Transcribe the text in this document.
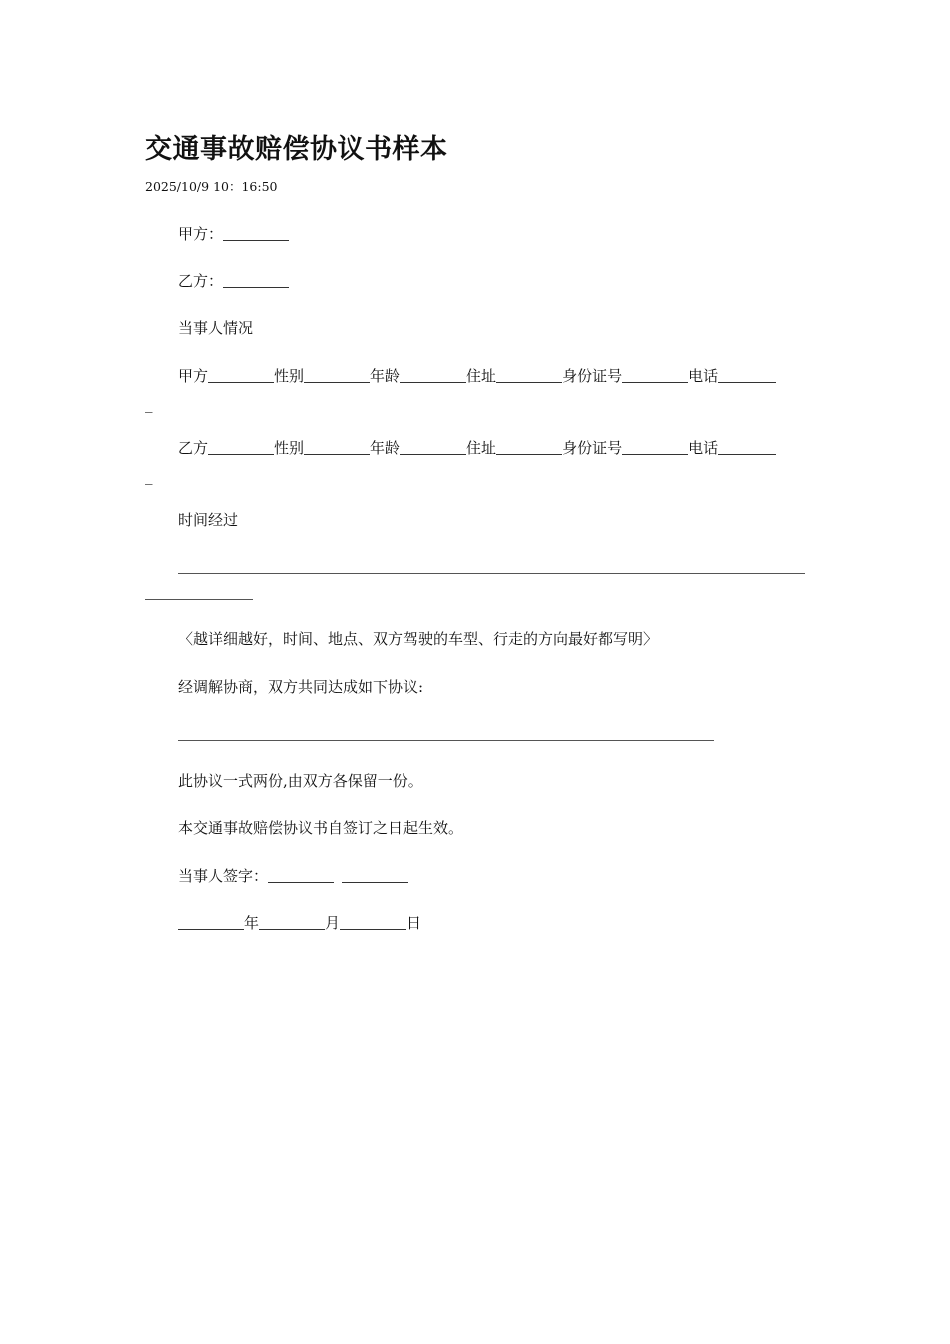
交通事故赔偿协议书样本
2025/10/9 10：16:50
甲方：
乙方：
当事人情况
甲方	性别	年龄	住址	身份证号	电话
_
乙方	性别	年龄	住址	身份证号	电话
_
时间经过
〈越详细越好，时间、地点、双方驾驶的车型、行走的方向最好都写明〉
经调解协商，双方共同达成如下协议:
此协议一式两份,由双方各保留一份。
本交通事故赔偿协议书自签订之日起生效。
当事人签字：
年	月	日
